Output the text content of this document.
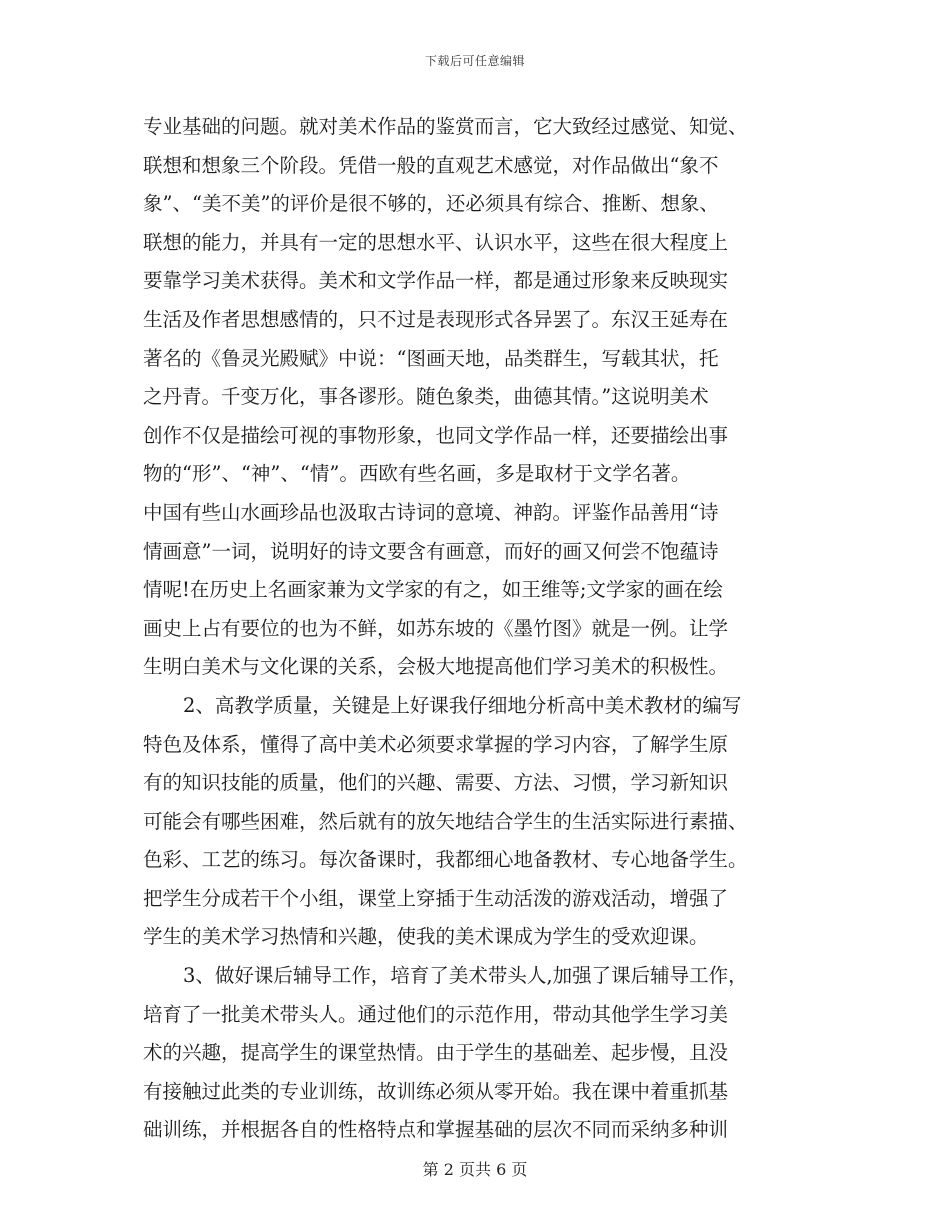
下载后可任意编辑
专业基础的问题。就对美术作品的鉴赏而言，它大致经过感觉、知觉、
联想和想象三个阶段。凭借一般的直观艺术感觉，对作品做出“象不
象”、“美不美”的评价是很不够的，还必须具有综合、推断、想象、
联想的能力，并具有一定的思想水平、认识水平，这些在很大程度上
要靠学习美术获得。美术和文学作品一样，都是通过形象来反映现实
生活及作者思想感情的，只不过是表现形式各异罢了。东汉王延寿在
著名的《鲁灵光殿赋》中说：“图画天地，品类群生，写载其状，托
之丹青。千变万化，事各谬形。随色象类，曲德其情。”这说明美术
创作不仅是描绘可视的事物形象，也同文学作品一样，还要描绘出事
物的“形”、“神”、“情”。西欧有些名画，多是取材于文学名著。
中国有些山水画珍品也汲取古诗词的意境、神韵。评鉴作品善用“诗
情画意”一词，说明好的诗文要含有画意，而好的画又何尝不饱蕴诗
情呢!在历史上名画家兼为文学家的有之，如王维等;文学家的画在绘
画史上占有要位的也为不鲜，如苏东坡的《墨竹图》就是一例。让学
生明白美术与文化课的关系，会极大地提高他们学习美术的积极性。
2、高教学质量，关键是上好课我仔细地分析高中美术教材的编写
特色及体系，懂得了高中美术必须要求掌握的学习内容，了解学生原
有的知识技能的质量，他们的兴趣、需要、方法、习惯，学习新知识
可能会有哪些困难，然后就有的放矢地结合学生的生活实际进行素描、
色彩、工艺的练习。每次备课时，我都细心地备教材、专心地备学生。
把学生分成若干个小组，课堂上穿插于生动活泼的游戏活动，增强了
学生的美术学习热情和兴趣，使我的美术课成为学生的受欢迎课。
3、做好课后辅导工作，培育了美术带头人,加强了课后辅导工作，
培育了一批美术带头人。通过他们的示范作用，带动其他学生学习美
术的兴趣，提高学生的课堂热情。由于学生的基础差、起步慢，且没
有接触过此类的专业训练，故训练必须从零开始。我在课中着重抓基
础训练，并根据各自的性格特点和掌握基础的层次不同而采纳多种训
第 2 页共 6 页
